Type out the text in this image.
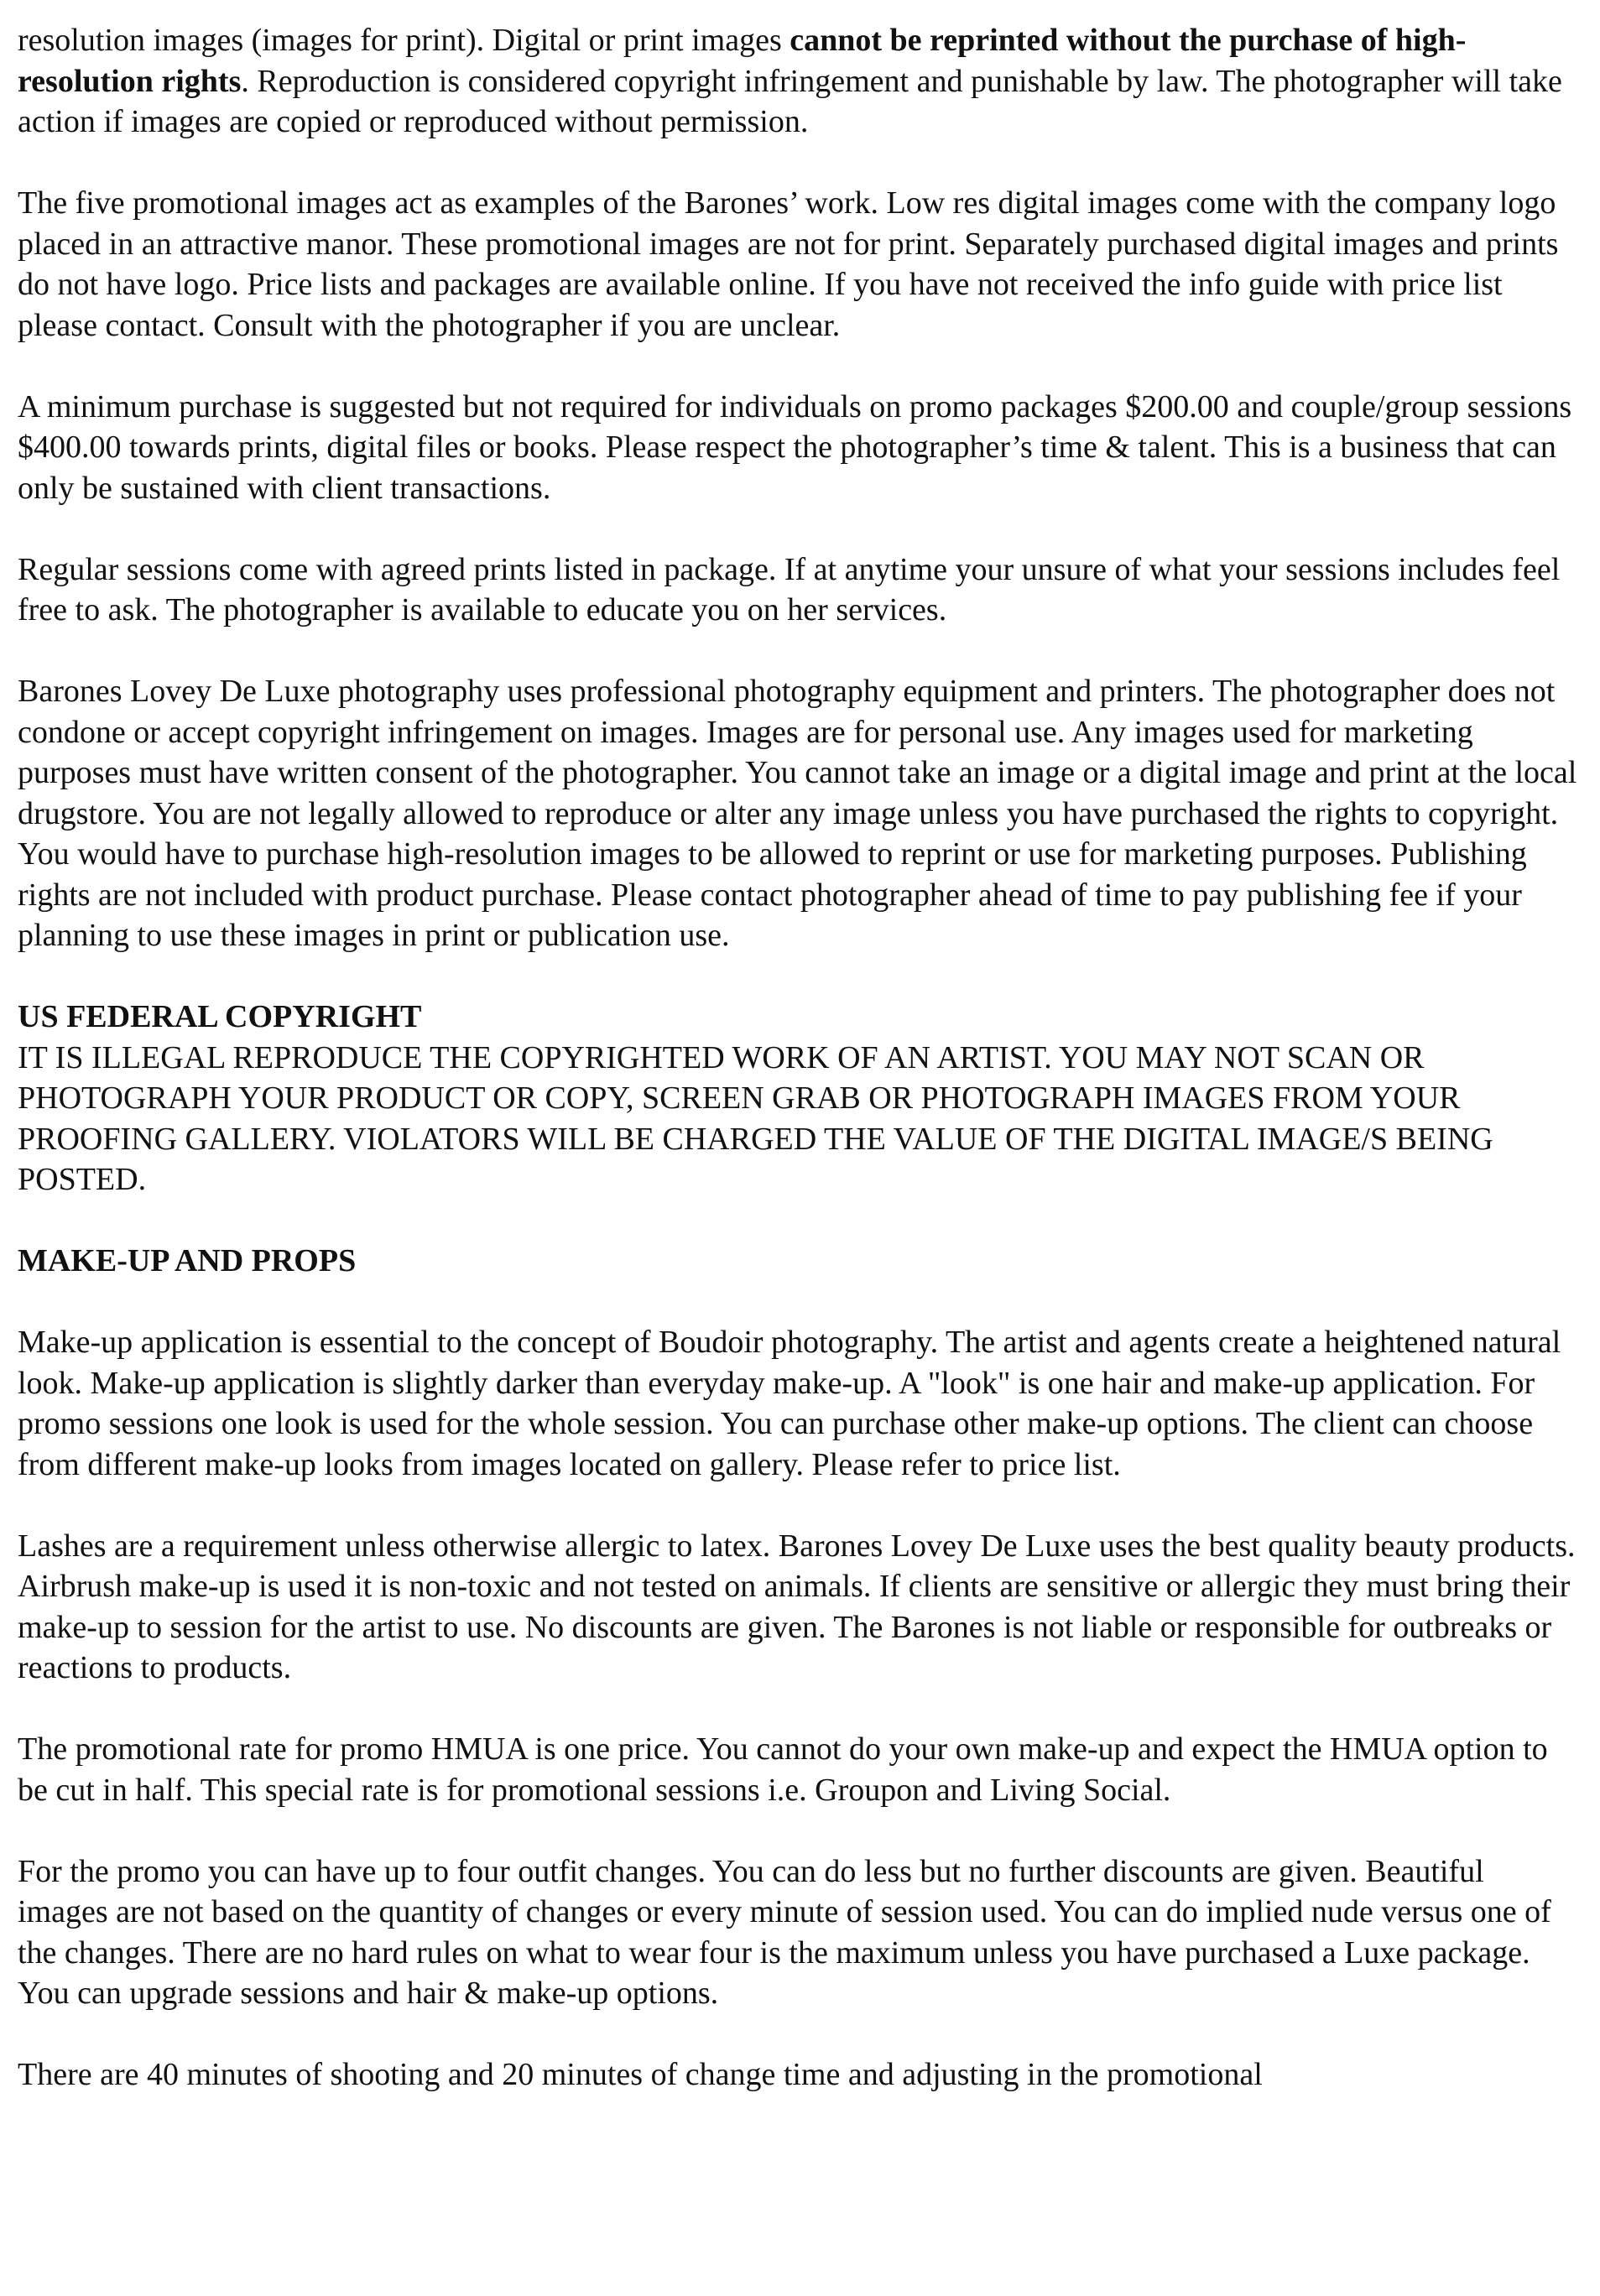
resolution images (images for print). Digital or print images cannot be reprinted without the purchase of high-resolution rights. Reproduction is considered copyright infringement and punishable by law. The photographer will take action if images are copied or reproduced without permission.

The five promotional images act as examples of the Barones’ work. Low res digital images come with the company logo placed in an attractive manor. These promotional images are not for print. Separately purchased digital images and prints do not have logo. Price lists and packages are available online. If you have not received the info guide with price list please contact. Consult with the photographer if you are unclear.

A minimum purchase is suggested but not required for individuals on promo packages $200.00 and couple/group sessions $400.00 towards prints, digital files or books. Please respect the photographer’s time & talent. This is a business that can only be sustained with client transactions.

Regular sessions come with agreed prints listed in package. If at anytime your unsure of what your sessions includes feel free to ask. The photographer is available to educate you on her services.

Barones Lovey De Luxe photography uses professional photography equipment and printers. The photographer does not condone or accept copyright infringement on images. Images are for personal use. Any images used for marketing purposes must have written consent of the photographer. You cannot take an image or a digital image and print at the local drugstore. You are not legally allowed to reproduce or alter any image unless you have purchased the rights to copyright. You would have to purchase high-resolution images to be allowed to reprint or use for marketing purposes. Publishing rights are not included with product purchase. Please contact photographer ahead of time to pay publishing fee if your planning to use these images in print or publication use.

US FEDERAL COPYRIGHT

IT IS ILLEGAL REPRODUCE THE COPYRIGHTED WORK OF AN ARTIST. YOU MAY NOT SCAN OR PHOTOGRAPH YOUR PRODUCT OR COPY, SCREEN GRAB OR PHOTOGRAPH IMAGES FROM YOUR PROOFING GALLERY. VIOLATORS WILL BE CHARGED THE VALUE OF THE DIGITAL IMAGE/S BEING POSTED.

MAKE-UP AND PROPS

Make-up application is essential to the concept of Boudoir photography. The artist and agents create a heightened natural look. Make-up application is slightly darker than everyday make-up. A "look" is one hair and make-up application. For promo sessions one look is used for the whole session. You can purchase other make-up options. The client can choose from different make-up looks from images located on gallery. Please refer to price list.

Lashes are a requirement unless otherwise allergic to latex. Barones Lovey De Luxe uses the best quality beauty products. Airbrush make-up is used it is non-toxic and not tested on animals. If clients are sensitive or allergic they must bring their make-up to session for the artist to use. No discounts are given. The Barones is not liable or responsible for outbreaks or reactions to products.

The promotional rate for promo HMUA is one price. You cannot do your own make-up and expect the HMUA option to be cut in half. This special rate is for promotional sessions i.e. Groupon and Living Social.

For the promo you can have up to four outfit changes. You can do less but no further discounts are given. Beautiful images are not based on the quantity of changes or every minute of session used. You can do implied nude versus one of the changes. There are no hard rules on what to wear four is the maximum unless you have purchased a Luxe package. You can upgrade sessions and hair & make-up options.

There are 40 minutes of shooting and 20 minutes of change time and adjusting in the promotional
